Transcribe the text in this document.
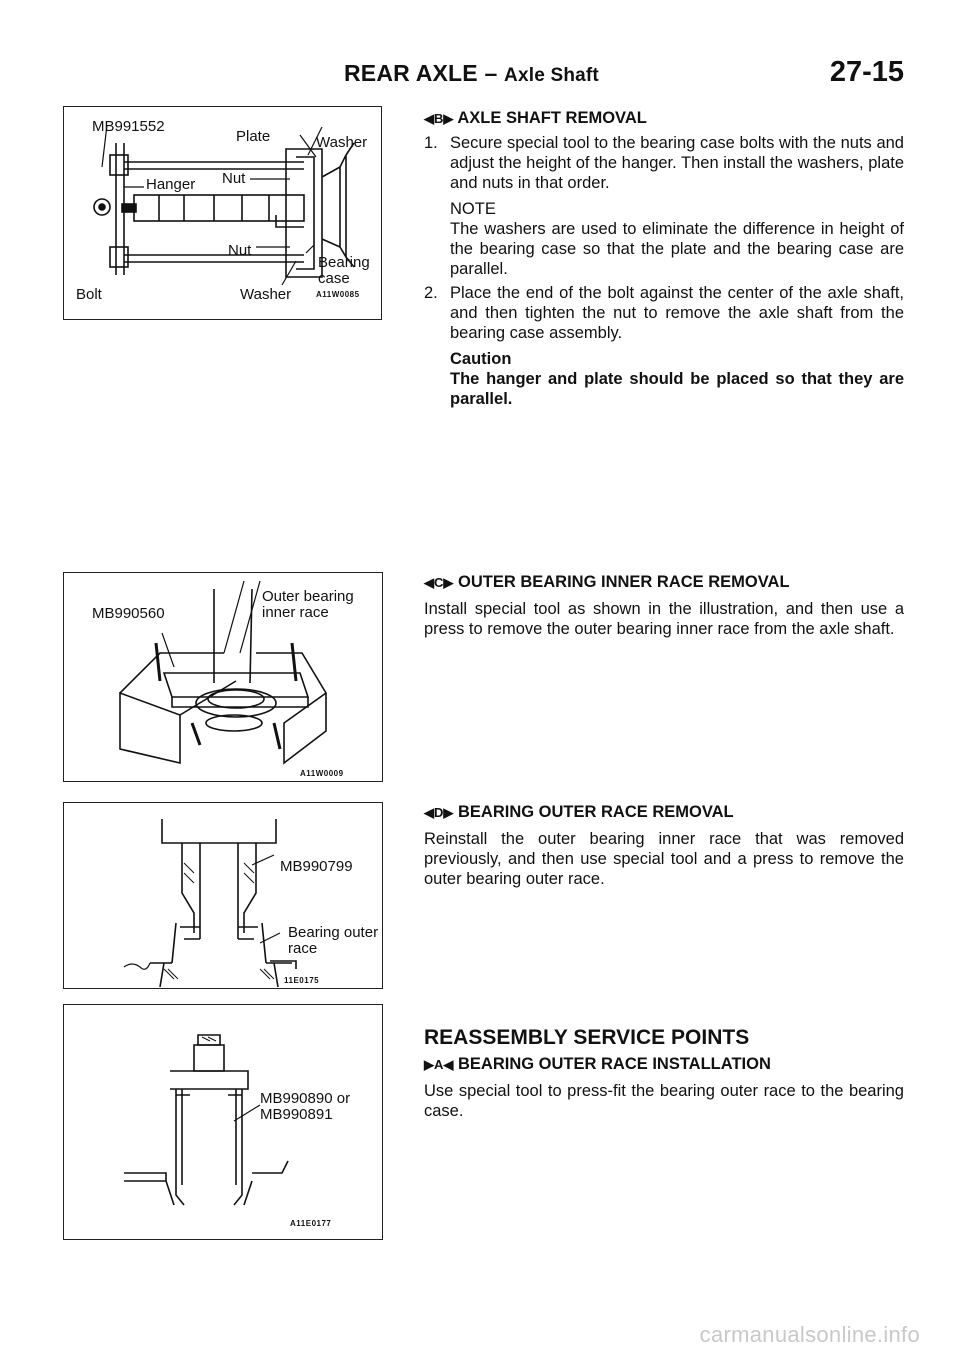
REAR AXLE – Axle Shaft	27-15
MB991552
Plate	Washer
Hanger Nut
Nut
Bearing
case
Bolt	Washer	A11W0085
MB990560
Outer bearing
inner race
A11W0009
MB990799
Bearing outer
race
11E0175
MB990890 or
MB990891
A11E0177
◀B▶ AXLE SHAFT REMOVAL
1. Secure special tool to the bearing case bolts with the nuts and adjust the height of the hanger. Then install the washers, plate and nuts in that order.

NOTE

The washers are used to eliminate the difference in height of the bearing case so that the plate and the bearing case are parallel.

2. Place the end of the bolt against the center of the axle shaft, and then tighten the nut to remove the axle shaft from the bearing case assembly.

Caution

The hanger and plate should be placed so that they are parallel.

◀C▶ OUTER BEARING INNER RACE REMOVAL

Install special tool as shown in the illustration, and then use a press to remove the outer bearing inner race from the axle shaft.

◀D▶ BEARING OUTER RACE REMOVAL

Reinstall the outer bearing inner race that was removed previously, and then use special tool and a press to remove the outer bearing outer race.

REASSEMBLY SERVICE POINTS
▶A◀ BEARING OUTER RACE INSTALLATION

Use special tool to press-fit the bearing outer race to the bearing case.

carmanualsonline.info
